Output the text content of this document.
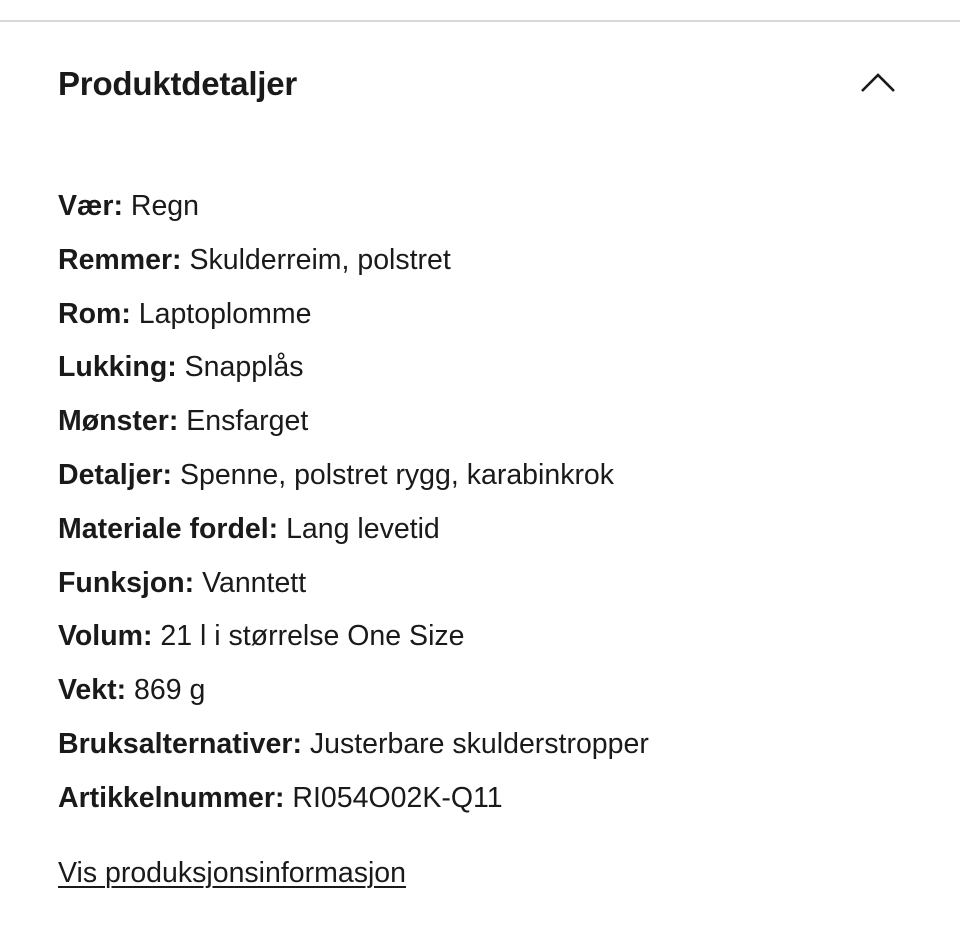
Produktdetaljer
Vær: Regn
Remmer: Skulderreim, polstret
Rom: Laptoplomme
Lukking: Snapplås
Mønster: Ensfarget
Detaljer: Spenne, polstret rygg, karabinkrok
Materiale fordel: Lang levetid
Funksjon: Vanntett
Volum: 21 l i størrelse One Size
Vekt: 869 g
Bruksalternativer: Justerbare skulderstropper
Artikkelnummer: RI054O02K-Q11
Vis produksjonsinformasjon
